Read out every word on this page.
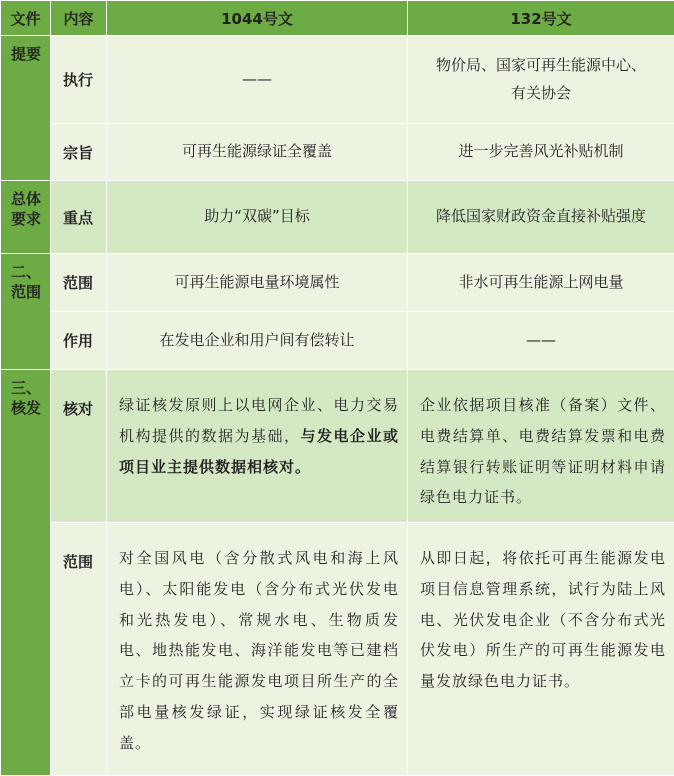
文件	内容	1044号文	132号文
提要	执行	——	物价局、国家可再生能源中心、
有关协会
	宗旨	可再生能源绿证全覆盖	进一步完善风光补贴机制
总体
要求	重点	助力“双碳”目标	降低国家财政资金直接补贴强度
二、
范围	范围	可再生能源电量环境属性	非水可再生能源上网电量
	作用	在发电企业和用户间有偿转让	——
三、
核发	核对	绿证核发原则上以电网企业、电力交易机构提供的数据为基础，与发电企业或项目业主提供数据相核对。	企业依据项目核准（备案）文件、电费结算单、电费结算发票和电费结算银行转账证明等证明材料申请绿色电力证书。
	范围	对全国风电（含分散式风电和海上风电）、太阳能发电（含分布式光伏发电和光热发电）、常规水电、生物质发电、地热能发电、海洋能发电等已建档立卡的可再生能源发电项目所生产的全部电量核发绿证，实现绿证核发全覆盖。	从即日起，将依托可再生能源发电项目信息管理系统，试行为陆上风电、光伏发电企业（不含分布式光伏发电）所生产的可再生能源发电量发放绿色电力证书。
